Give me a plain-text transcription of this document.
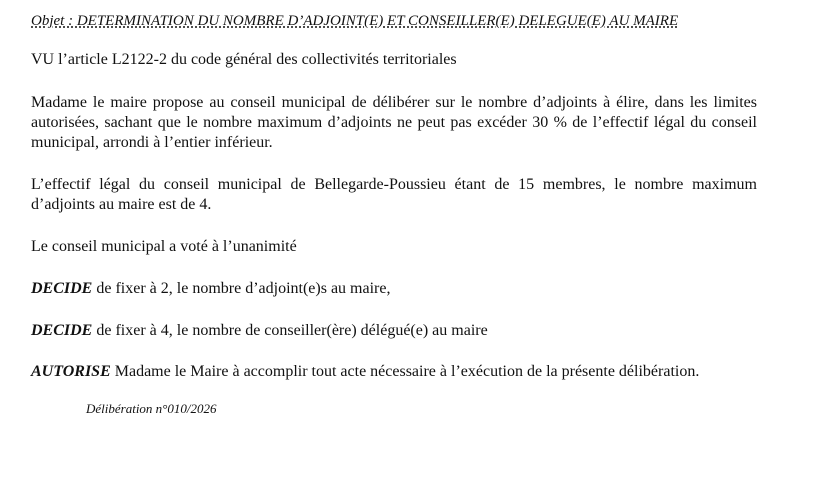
Objet : DETERMINATION DU NOMBRE D’ADJOINT(E) ET CONSEILLER(E) DELEGUE(E) AU MAIRE

VU l’article L2122-2 du code général des collectivités territoriales

Madame le maire propose au conseil municipal de délibérer sur le nombre d’adjoints à élire, dans les limites autorisées, sachant que le nombre maximum d’adjoints ne peut pas excéder 30 % de l’effectif légal du conseil municipal, arrondi à l’entier inférieur.

L’effectif légal du conseil municipal de Bellegarde-Poussieu étant de 15 membres, le nombre maximum d’adjoints au maire est de 4.

Le conseil municipal a voté à l’unanimité

DECIDE de fixer à 2, le nombre d’adjoint(e)s au maire,

DECIDE de fixer à 4, le nombre de conseiller(ère) délégué(e) au maire

AUTORISE Madame le Maire à accomplir tout acte nécessaire à l’exécution de la présente délibération.

Délibération n°010/2026
